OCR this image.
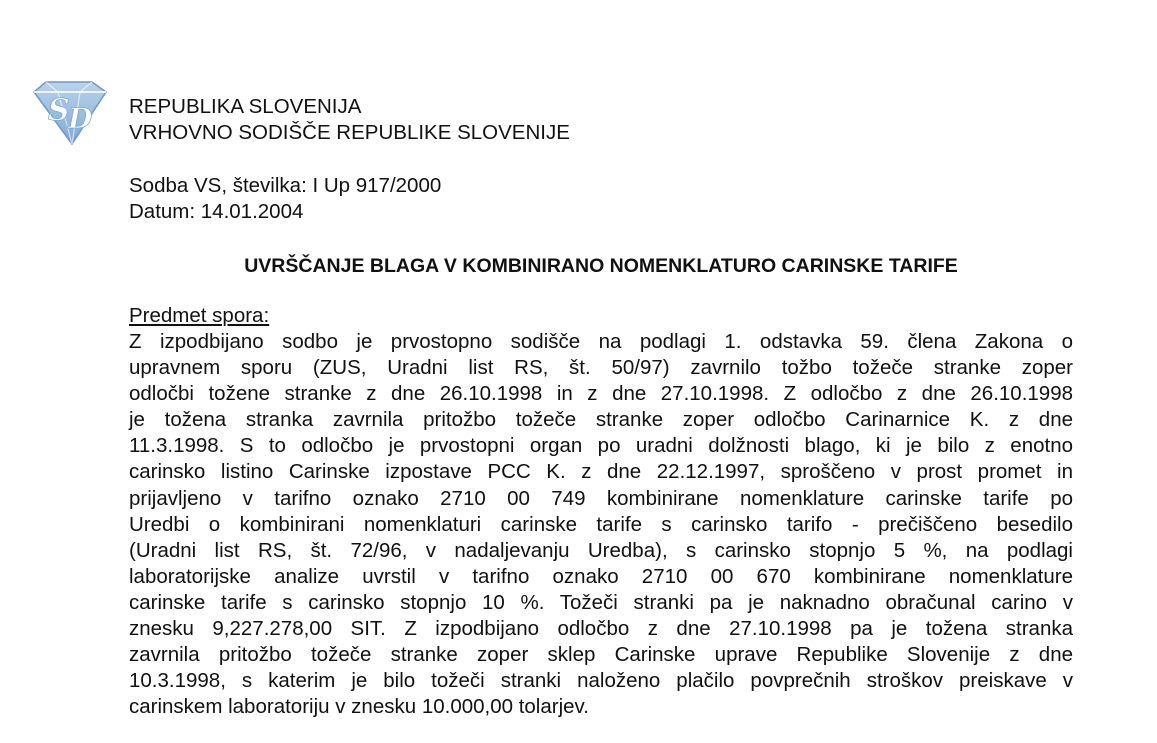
S
D REPUBLIKA SLOVENIJA
VRHOVNO SODIŠČE REPUBLIKE SLOVENIJE
Sodba VS, številka: I Up 917/2000
Datum: 14.01.2004
UVRŠČANJE BLAGA V KOMBINIRANO NOMENKLATURO CARINSKE TARIFE
Predmet spora:
Z izpodbijano sodbo je prvostopno sodišče na podlagi 1. odstavka 59. člena Zakona o
upravnem sporu (ZUS, Uradni list RS, št. 50/97) zavrnilo tožbo tožeče stranke zoper
odločbi tožene stranke z dne 26.10.1998 in z dne 27.10.1998. Z odločbo z dne 26.10.1998
je tožena stranka zavrnila pritožbo tožeče stranke zoper odločbo Carinarnice K. z dne
11.3.1998. S to odločbo je prvostopni organ po uradni dolžnosti blago, ki je bilo z enotno
carinsko listino Carinske izpostave PCC K. z dne 22.12.1997, sproščeno v prost promet in
prijavljeno v tarifno oznako 2710 00 749 kombinirane nomenklature carinske tarife po
Uredbi o kombinirani nomenklaturi carinske tarife s carinsko tarifo - prečiščeno besedilo
(Uradni list RS, št. 72/96, v nadaljevanju Uredba), s carinsko stopnjo 5 %, na podlagi
laboratorijske analize uvrstil v tarifno oznako 2710 00 670 kombinirane nomenklature
carinske tarife s carinsko stopnjo 10 %. Tožeči stranki pa je naknadno obračunal carino v
znesku 9,227.278,00 SIT. Z izpodbijano odločbo z dne 27.10.1998 pa je tožena stranka
zavrnila pritožbo tožeče stranke zoper sklep Carinske uprave Republike Slovenije z dne
10.3.1998, s katerim je bilo tožeči stranki naloženo plačilo povprečnih stroškov preiskave v
carinskem laboratoriju v znesku 10.000,00 tolarjev.
